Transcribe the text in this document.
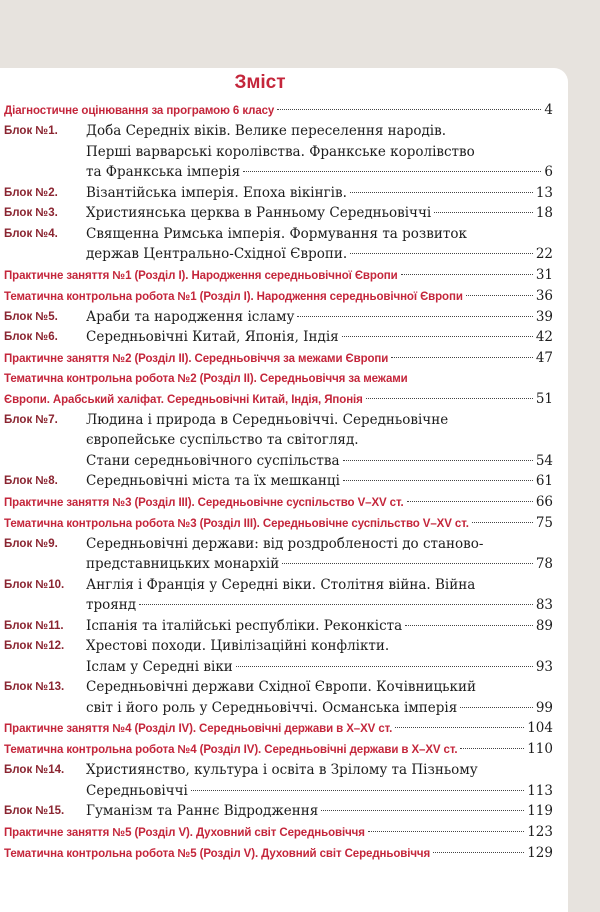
Зміст
Діагностичне оцінювання за програмою 6 класу	4
Блок №1.	Доба Середніх віків. Велике переселення народів.
Перші варварські королівства. Франкське королівство
та Франкська імперія	6
Блок №2.	Візантійська імперія. Епоха вікінгів.	13
Блок №3.	Християнська церква в Ранньому Середньовіччі	18
Блок №4.	Священна Римська імперія. Формування та розвиток
держав Центрально-Східної Європи.	22
Практичне заняття №1 (Розділ І). Народження середньовічної Європи	31
Тематична контрольна робота №1 (Розділ І). Народження середньовічної Європи	36
Блок №5.	Араби та народження ісламу	39
Блок №6.	Середньовічні Китай, Японія, Індія	42
Практичне заняття №2 (Розділ ІІ). Середньовіччя за межами Європи	47
Тематична контрольна робота №2 (Розділ ІІ). Середньовіччя за межами
Європи. Арабський халіфат. Середньовічні Китай, Індія, Японія	51
Блок №7.	Людина і природа в Середньовіччі. Середньовічне
європейське суспільство та світогляд.
Стани середньовічного суспільства	54
Блок №8.	Середньовічні міста та їх мешканці	61
Практичне заняття №3 (Розділ ІІІ). Середньовічне суспільство V–XV ст.	66
Тематична контрольна робота №3 (Розділ ІІІ). Середньовічне суспільство V–XV ст.	75
Блок №9.	Середньовічні держави: від роздробленості до станово-
представницьких монархій	78
Блок №10.	Англія і Франція у Середні віки. Столітня війна. Війна
троянд	83
Блок №11.	Іспанія та італійські республіки. Реконкіста	89
Блок №12.	Хрестові походи. Цивілізаційні конфлікти.
Іслам у Середні віки	93
Блок №13.	Середньовічні держави Східної Європи. Кочівницький
світ і його роль у Середньовіччі. Османська імперія	99
Практичне заняття №4 (Розділ IV). Середньовічні держави в Х–XV ст.	104
Тематична контрольна робота №4 (Розділ IV). Середньовічні держави в Х–XV ст.	110
Блок №14.	Християнство, культура і освіта в Зрілому та Пізньому
Середньовіччі	113
Блок №15.	Гуманізм та Раннє Відродження	119
Практичне заняття №5 (Розділ V). Духовний світ Середньовіччя	123
Тематична контрольна робота №5 (Розділ V). Духовний світ Середньовіччя	129
